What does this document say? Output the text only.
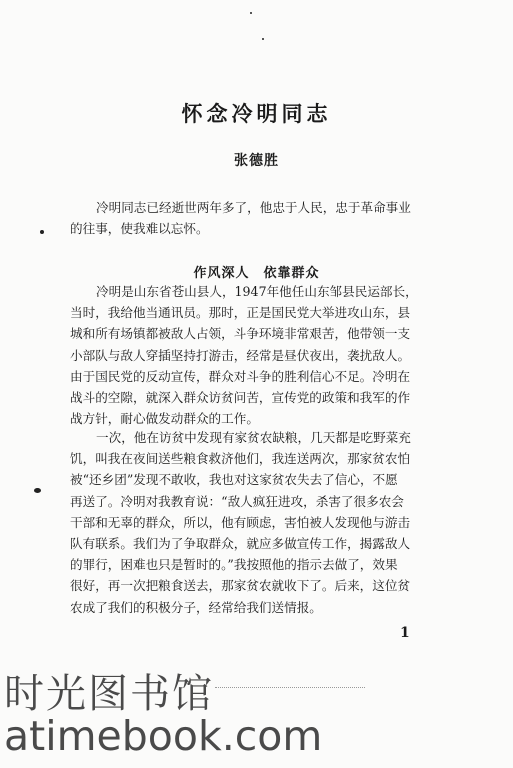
怀念冷明同志
张德胜
冷明同志已经逝世两年多了，他忠于人民，忠于革命事业
的往事，使我难以忘怀。
作风深人　依靠群众
冷明是山东省苍山县人，1947年他任山东邹县民运部长，
当时，我给他当通讯员。那时，正是国民党大举进攻山东，县
城和所有场镇都被敌人占领，斗争环境非常艰苦，他带领一支
小部队与敌人穿插坚持打游击，经常是昼伏夜出，袭扰敌人。
由于国民党的反动宣传，群众对斗争的胜利信心不足。冷明在
战斗的空隙，就深入群众访贫问苦，宣传党的政策和我军的作
战方针，耐心做发动群众的工作。
一次，他在访贫中发现有家贫农缺粮，几天都是吃野菜充
饥，叫我在夜间送些粮食救济他们，我连送两次，那家贫农怕
被“还乡团”发现不敢收，我也对这家贫农失去了信心，不愿
再送了。冷明对我教育说：“敌人疯狂进攻，杀害了很多农会
干部和无辜的群众，所以，他有顾虑，害怕被人发现他与游击
队有联系。我们为了争取群众，就应多做宣传工作，揭露敌人
的罪行，困难也只是暂时的。”我按照他的指示去做了，效果
很好，再一次把粮食送去，那家贫农就收下了。后来，这位贫
农成了我们的积极分子，经常给我们送情报。
1
时光图书馆
atimebook.com
